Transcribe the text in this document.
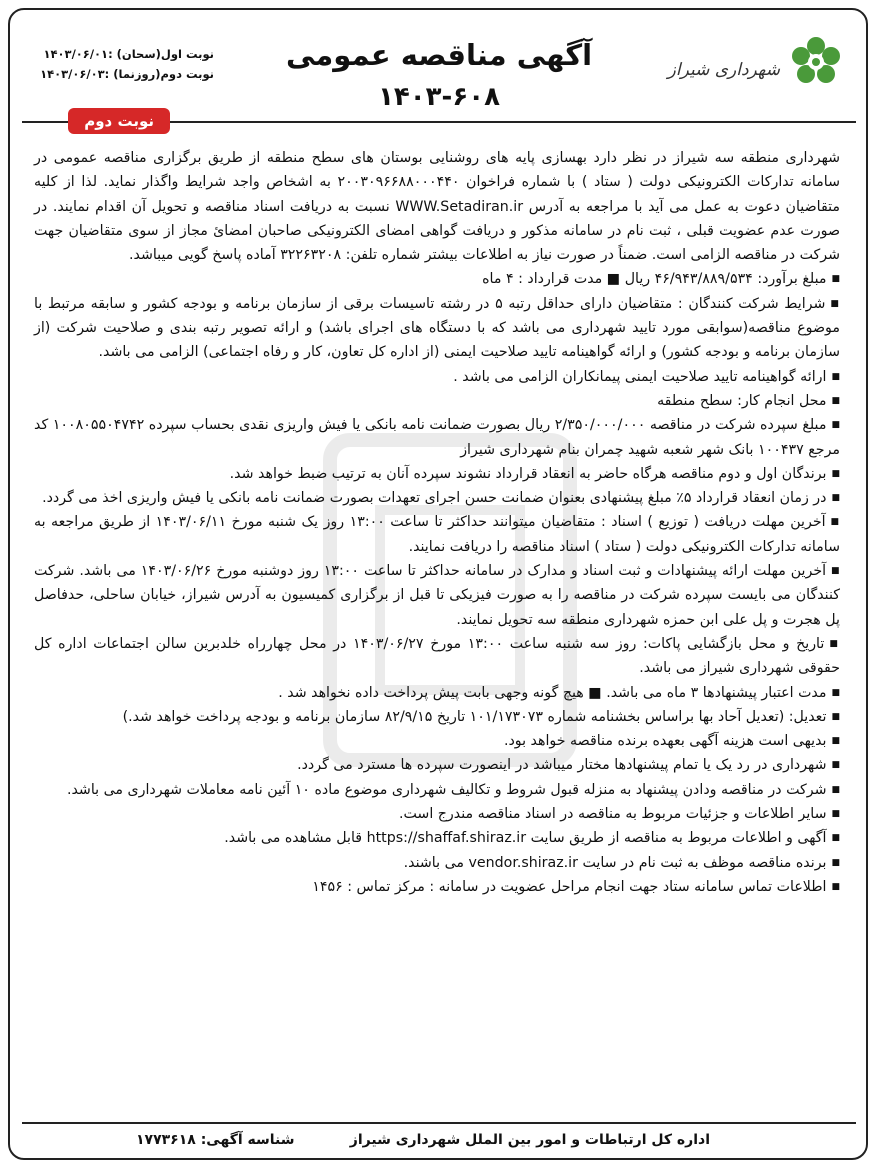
شهرداری شیراز
آگهی مناقصه عمومی
۱۴۰۳-۶۰۸
نوبت اول(سحان) :۱۴۰۳/۰۶/۰۱
نوبت دوم(روزنما) :۱۴۰۳/۰۶/۰۳
نوبت دوم

شهرداری منطقه سه شیراز در نظر دارد بهسازی پایه های روشنایی بوستان های سطح منطقه از طریق برگزاری مناقصه عمومی در سامانه تدارکات الکترونیکی دولت ( ستاد ) با شماره فراخوان ۲۰۰۳۰۹۶۶۸۸۰۰۰۴۴۰ به اشخاص واجد شرایط واگذار نماید. لذا از کلیه متقاضیان دعوت به عمل می آید با مراجعه به آدرس WWW.Setadiran.ir نسبت به دریافت اسناد مناقصه و تحویل آن اقدام نمایند. در صورت عدم عضویت قبلی ، ثبت نام در سامانه مذکور و دریافت گواهی امضای الکترونیکی صاحبان امضائ مجاز از سوی متقاضیان جهت شرکت در مناقصه الزامی است. ضمناً در صورت نیاز به اطلاعات بیشتر شماره تلفن: ۳۲۲۶۳۲۰۸ آماده پاسخ گویی میباشد.

■ مبلغ برآورد: ۴۶/۹۴۳/۸۸۹/۵۳۴ ریال ■ مدت قرارداد : ۴ ماه

■ شرایط شرکت کنندگان : متقاضیان دارای حداقل رتبه ۵ در رشته تاسیسات برقی از سازمان برنامه و بودجه کشور و سابقه مرتبط با موضوع مناقصه(سوابقی مورد تایید شهرداری می باشد که با دستگاه های اجرای باشد) و ارائه تصویر رتبه بندی و صلاحیت شرکت (از سازمان برنامه و بودجه کشور) و ارائه گواهینامه تایید صلاحیت ایمنی (از اداره کل تعاون، کار و رفاه اجتماعی) الزامی می باشد.

■ ارائه گواهینامه تایید صلاحیت ایمنی پیمانکاران الزامی می باشد .

■ محل انجام کار: سطح منطقه

■ مبلغ سپرده شرکت در مناقصه ۲/۳۵۰/۰۰۰/۰۰۰ ریال بصورت ضمانت نامه بانکی یا فیش واریزی نقدی بحساب سپرده ۱۰۰۸۰۵۵۰۴۷۴۲ کد مرجع ۱۰۰۴۳۷ بانک شهر شعبه شهید چمران بنام شهرداری شیراز

■ برندگان اول و دوم مناقصه هرگاه حاضر به انعقاد قرارداد نشوند سپرده آنان به ترتیب ضبط خواهد شد.

■ در زمان انعقاد قرارداد ۵٪ مبلغ پیشنهادی بعنوان ضمانت حسن اجرای تعهدات بصورت ضمانت نامه بانکی یا فیش واریزی اخذ می گردد.

■ آخرین مهلت دریافت ( توزیع ) اسناد : متقاضیان میتوانند حداکثر تا ساعت ۱۳:۰۰ روز یک شنبه مورخ ۱۴۰۳/۰۶/۱۱ از طریق مراجعه به سامانه تدارکات الکترونیکی دولت ( ستاد ) اسناد مناقصه را دریافت نمایند.

■ آخرین مهلت ارائه پیشنهادات و ثبت اسناد و مدارک در سامانه حداکثر تا ساعت ۱۳:۰۰ روز دوشنبه مورخ ۱۴۰۳/۰۶/۲۶ می باشد. شرکت کنندگان می بایست سپرده شرکت در مناقصه را به صورت فیزیکی تا قبل از برگزاری کمیسیون به آدرس شیراز، خیابان ساحلی، حدفاصل پل هجرت و پل علی ابن حمزه شهرداری منطقه سه تحویل نمایند.

■ تاریخ و محل بازگشایی پاکات: روز سه شنبه ساعت ۱۳:۰۰ مورخ ۱۴۰۳/۰۶/۲۷ در محل چهارراه خلدبرین سالن اجتماعات اداره کل حقوقی شهرداری شیراز می باشد.

■ مدت اعتبار پیشنهادها ۳ ماه می باشد. ■ هیچ گونه وجهی بابت پیش پرداخت داده نخواهد شد .

■ تعدیل: (تعدیل آحاد بها براساس بخشنامه شماره ۱۰۱/۱۷۳۰۷۳ تاریخ ۸۲/۹/۱۵ سازمان برنامه و بودجه پرداخت خواهد شد.)

■ بدیهی است هزینه آگهی بعهده برنده مناقصه خواهد بود.

■ شهرداری در رد یک یا تمام پیشنهادها مختار میباشد در اینصورت سپرده ها مسترد می گردد.

■ شرکت در مناقصه ودادن پیشنهاد به منزله قبول شروط و تکالیف شهرداری موضوع ماده ۱۰ آئین نامه معاملات شهرداری می باشد.

■ سایر اطلاعات و جزئیات مربوط به مناقصه در اسناد مناقصه مندرج است.

■ آگهی و اطلاعات مربوط به مناقصه از طریق سایت https://shaffaf.shiraz.ir قابل مشاهده می باشد.

■ برنده مناقصه موظف به ثبت نام در سایت vendor.shiraz.ir می باشند.

■ اطلاعات تماس سامانه ستاد جهت انجام مراحل عضویت در سامانه : مرکز تماس : ۱۴۵۶

اداره کل ارتباطات و امور بین الملل شهرداری شیراز
شناسه آگهی: ۱۷۷۳۶۱۸
